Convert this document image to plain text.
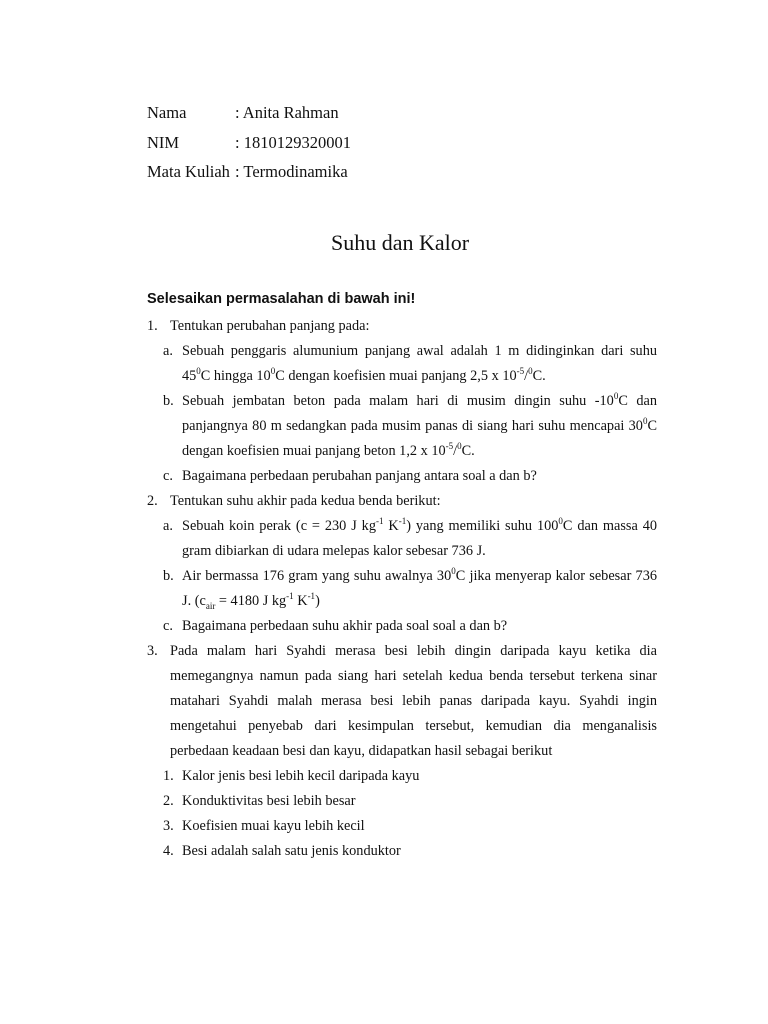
Nama	: Anita Rahman
NIM	: 1810129320001
Mata Kuliah : Termodinamika
Suhu dan Kalor
Selesaikan permasalahan di bawah ini!
1. Tentukan perubahan panjang pada:
a. Sebuah penggaris alumunium panjang awal adalah 1 m didinginkan dari suhu $45^0C$ hingga $10^0C$ dengan koefisien muai panjang 2,5 x $10^{-5}/^0C$.
b. Sebuah jembatan beton pada malam hari di musim dingin suhu $-10^0C$ dan panjangnya 80 m sedangkan pada musim panas di siang hari suhu mencapai $30^0C$ dengan koefisien muai panjang beton 1,2 x $10^{-5}/^0C$.
c. Bagaimana perbedaan perubahan panjang antara soal a dan b?
2. Tentukan suhu akhir pada kedua benda berikut:
a. Sebuah koin perak (c = 230 J $kg^{-1}$ $K^{-1}$) yang memiliki suhu $100^0C$ dan massa 40 gram dibiarkan di udara melepas kalor sebesar 736 J.
b. Air bermassa 176 gram yang suhu awalnya $30^0C$ jika menyerap kalor sebesar 736 J. ($c_{air} = 4180$ J $kg^{-1}$ $K^{-1}$)
c. Bagaimana perbedaan suhu akhir pada soal soal a dan b?
3. Pada malam hari Syahdi merasa besi lebih dingin daripada kayu ketika dia memegangnya namun pada siang hari setelah kedua benda tersebut terkena sinar matahari Syahdi malah merasa besi lebih panas daripada kayu. Syahdi ingin mengetahui penyebab dari kesimpulan tersebut, kemudian dia menganalisis perbedaan keadaan besi dan kayu, didapatkan hasil sebagai berikut
1. Kalor jenis besi lebih kecil daripada kayu
2. Konduktivitas besi lebih besar
3. Koefisien muai kayu lebih kecil
4. Besi adalah salah satu jenis konduktor
